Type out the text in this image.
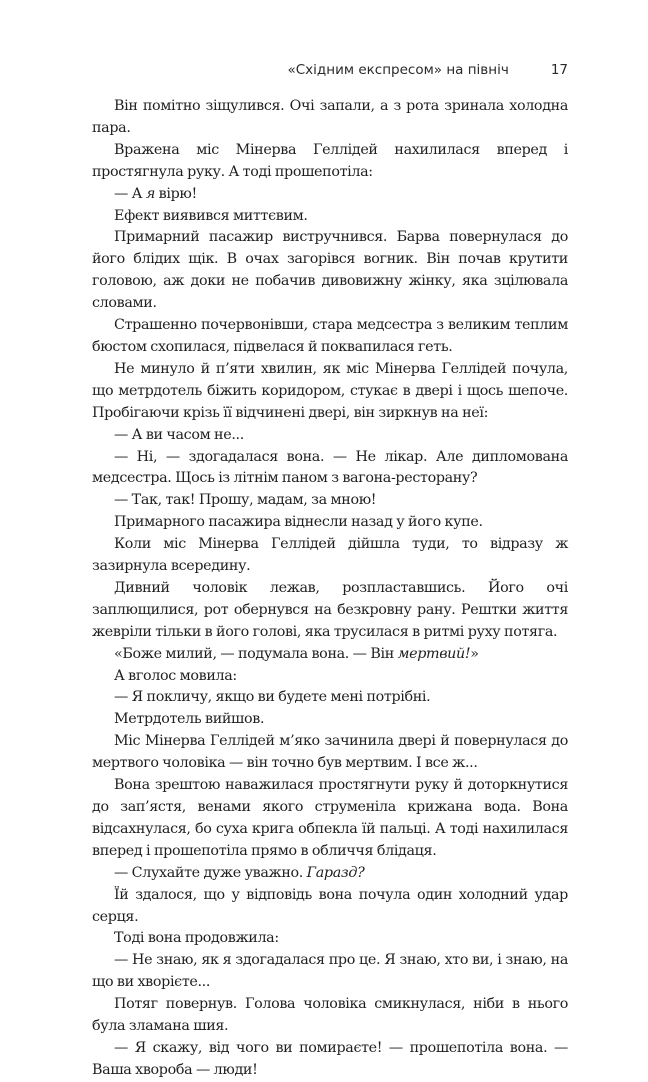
«Східним експресом» на північ	17

Він помітно зіщулився. Очі запали, а з рота зринала холодна пара.

Вражена міс Мінерва Геллідей нахилилася вперед і простягнула руку. А тоді прошепотіла:

— А я вірю!

Ефект виявився миттєвим.

Примарний пасажир вистручнився. Барва повернулася до його блідих щік. В очах загорівся вогник. Він почав крутити головою, аж доки не побачив дивовижну жінку, яка зцілювала словами.

Страшенно почервонівши, стара медсестра з великим теплим бюстом схопилася, підвелася й поквапилася геть.

Не минуло й п’яти хвилин, як міс Мінерва Геллідей почула, що метрдотель біжить коридором, стукає в двері і щось шепоче. Пробігаючи крізь її відчинені двері, він зиркнув на неї:

— А ви часом не...

— Ні, — здогадалася вона. — Не лікар. Але дипломована медсестра. Щось із літнім паном з вагона-ресторану?

— Так, так! Прошу, мадам, за мною!

Примарного пасажира віднесли назад у його купе.

Коли міс Мінерва Геллідей дійшла туди, то відразу ж зазирнула всередину.

Дивний чоловік лежав, розпластавшись. Його очі заплющилися, рот обернувся на безкровну рану. Рештки життя жевріли тільки в його голові, яка трусилася в ритмі руху потяга.

«Боже милий, — подумала вона. — Він мертвий!»

А вголос мовила:

— Я покличу, якщо ви будете мені потрібні.

Метрдотель вийшов.

Міс Мінерва Геллідей м’яко зачинила двері й повернулася до мертвого чоловіка — він точно був мертвим. І все ж...

Вона зрештою наважилася простягнути руку й доторкнутися до зап’ястя, венами якого струменіла крижана вода. Вона відсахнулася, бо суха крига обпекла їй пальці. А тоді нахилилася вперед і прошепотіла прямо в обличчя блідаця.

— Слухайте дуже уважно. Гаразд?

Їй здалося, що у відповідь вона почула один холодний удар серця.

Тоді вона продовжила:

— Не знаю, як я здогадалася про це. Я знаю, хто ви, і знаю, на що ви хворієте...

Потяг повернув. Голова чоловіка смикнулася, ніби в нього була зламана шия.

— Я скажу, від чого ви помираєте! — прошепотіла вона. — Ваша хвороба — люди!
